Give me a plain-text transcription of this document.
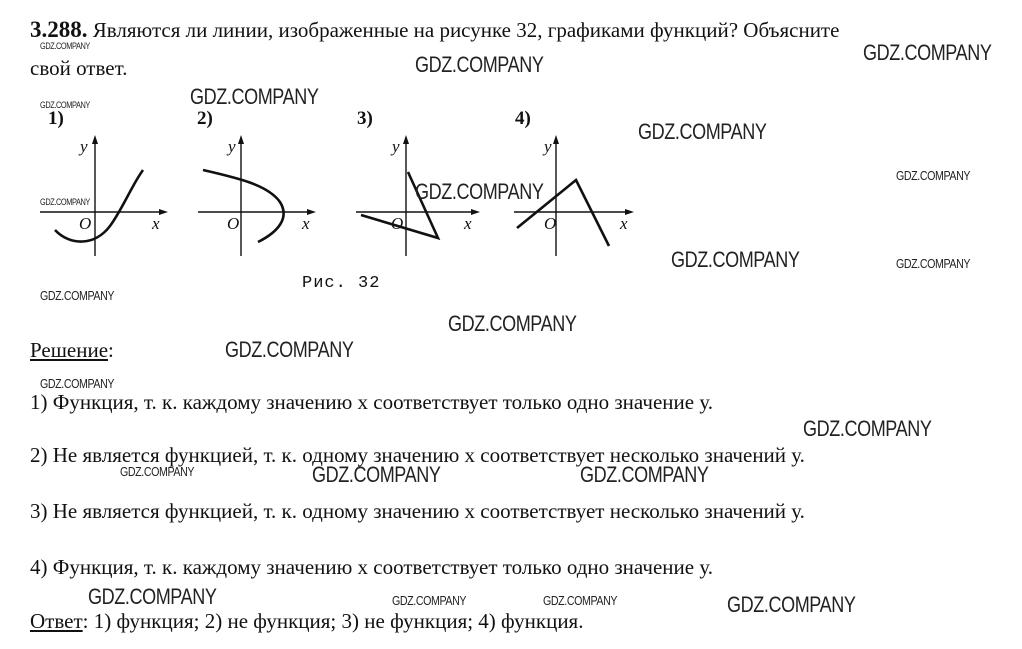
3.288. Являются ли линии, изображенные на рисунке 32, графиками функций? Объясните
свой ответ.
1)	2)	3)	4)
y
x
O
y
x
O
y
x
O
y
x
O
Рис. 32
Решение:
1) Функция, т. к. каждому значению х соответствует только одно значение у.
2) Не является функцией, т. к. одному значению х соответствует несколько значений у.
3) Не является функцией, т. к. одному значению х соответствует несколько значений у.
4) Функция, т. к. каждому значению х соответствует только одно значение у.
Ответ: 1) функция; 2) не функция; 3) не функция; 4) функция.
GDZ.COMPANY
GDZ.COMPANY	GDZ.COMPANY
GDZ.COMPANY
GDZ.COMPANY
GDZ.COMPANY
GDZ.COMPANY
GDZ.COMPANY
GDZ.COMPANY
GDZ.COMPANY	GDZ.COMPANY
GDZ.COMPANY
GDZ.COMPANY
GDZ.COMPANY
GDZ.COMPANY
GDZ.COMPANY
GDZ.COMPANY	GDZ.COMPANY	GDZ.COMPANY
GDZ.COMPANY	GDZ.COMPANY	GDZ.COMPANY	GDZ.COMPANY
